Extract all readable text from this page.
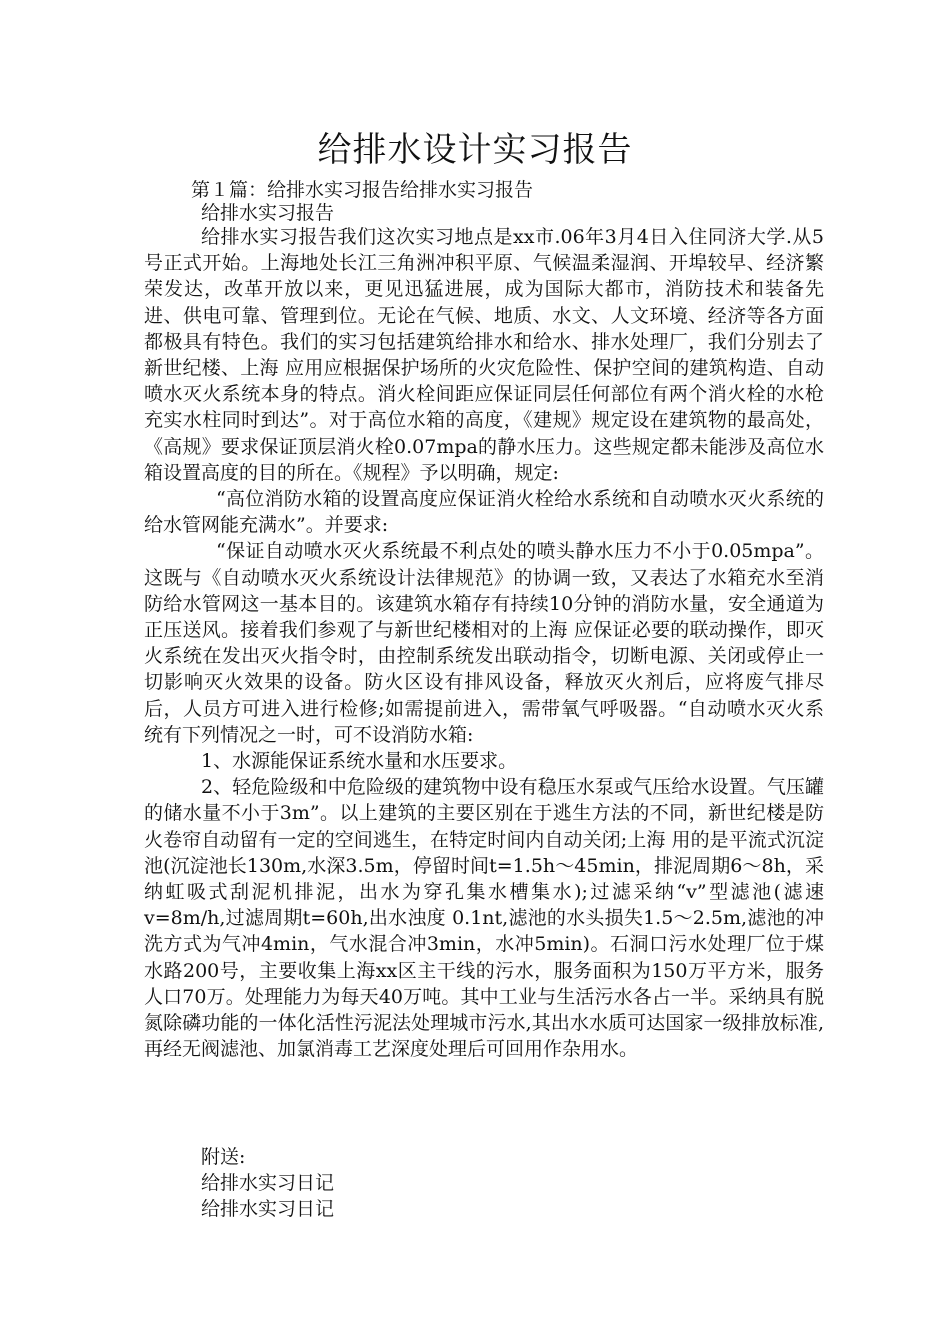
给排水设计实习报告
第１篇：给排水实习报告给排水实习报告
给排水实习报告

给排水实习报告我们这次实习地点是xx市.06年3月4日入住同济大学.从5号正式开始。上海地处长江三角洲冲积平原、气候温柔湿润、开埠较早、经济繁荣发达，改革开放以来，更见迅猛进展，成为国际大都市，消防技术和装备先进、供电可靠、管理到位。无论在气候、地质、水文、人文环境、经济等各方面都极具有特色。我们的实习包括建筑给排水和给水、排水处理厂，我们分别去了新世纪楼、上海 应用应根据保护场所的火灾危险性、保护空间的建筑构造、自动喷水灭火系统本身的特点。消火栓间距应保证同层任何部位有两个消火栓的水枪充实水柱同时到达”。对于高位水箱的高度，《建规》规定设在建筑物的最高处，《高规》要求保证顶层消火栓0.07mpa的静水压力。这些规定都未能涉及高位水箱设置高度的目的所在。《规程》予以明确，规定:

“高位消防水箱的设置高度应保证消火栓给水系统和自动喷水灭火系统的给水管网能充满水”。并要求:

“保证自动喷水灭火系统最不利点处的喷头静水压力不小于0.05mpa”。这既与《自动喷水灭火系统设计法律规范》的协调一致，又表达了水箱充水至消防给水管网这一基本目的。该建筑水箱存有持续10分钟的消防水量，安全通道为正压送风。接着我们参观了与新世纪楼相对的上海 应保证必要的联动操作，即灭火系统在发出灭火指令时，由控制系统发出联动指令，切断电源、关闭或停止一切影响灭火效果的设备。防火区设有排风设备，释放灭火剂后，应将废气排尽后，人员方可进入进行检修;如需提前进入，需带氧气呼吸器。“自动喷水灭火系统有下列情况之一时，可不设消防水箱:

1、水源能保证系统水量和水压要求。

2、轻危险级和中危险级的建筑物中设有稳压水泵或气压给水设置。气压罐的储水量不小于3m”。以上建筑的主要区别在于逃生方法的不同，新世纪楼是防火卷帘自动留有一定的空间逃生，在特定时间内自动关闭;上海 用的是平流式沉淀池(沉淀池长130m,水深3.5m，停留时间t=1.5h～45min，排泥周期6～8h，采纳虹吸式刮泥机排泥，出水为穿孔集水槽集水);过滤采纳“v”型滤池(滤速v=8m/h,过滤周期t=60h,出水浊度 0.1nt,滤池的水头损失1.5～2.5m,滤池的冲洗方式为气冲4min，气水混合冲3min，水冲5min)。石洞口污水处理厂位于煤水路200号，主要收集上海xx区主干线的污水，服务面积为150万平方米，服务人口70万。处理能力为每天40万吨。其中工业与生活污水各占一半。采纳具有脱氮除磷功能的一体化活性污泥法处理城市污水,其出水水质可达国家一级排放标准,再经无阀滤池、加氯消毒工艺深度处理后可回用作杂用水。

附送:
给排水实习日记
给排水实习日记
